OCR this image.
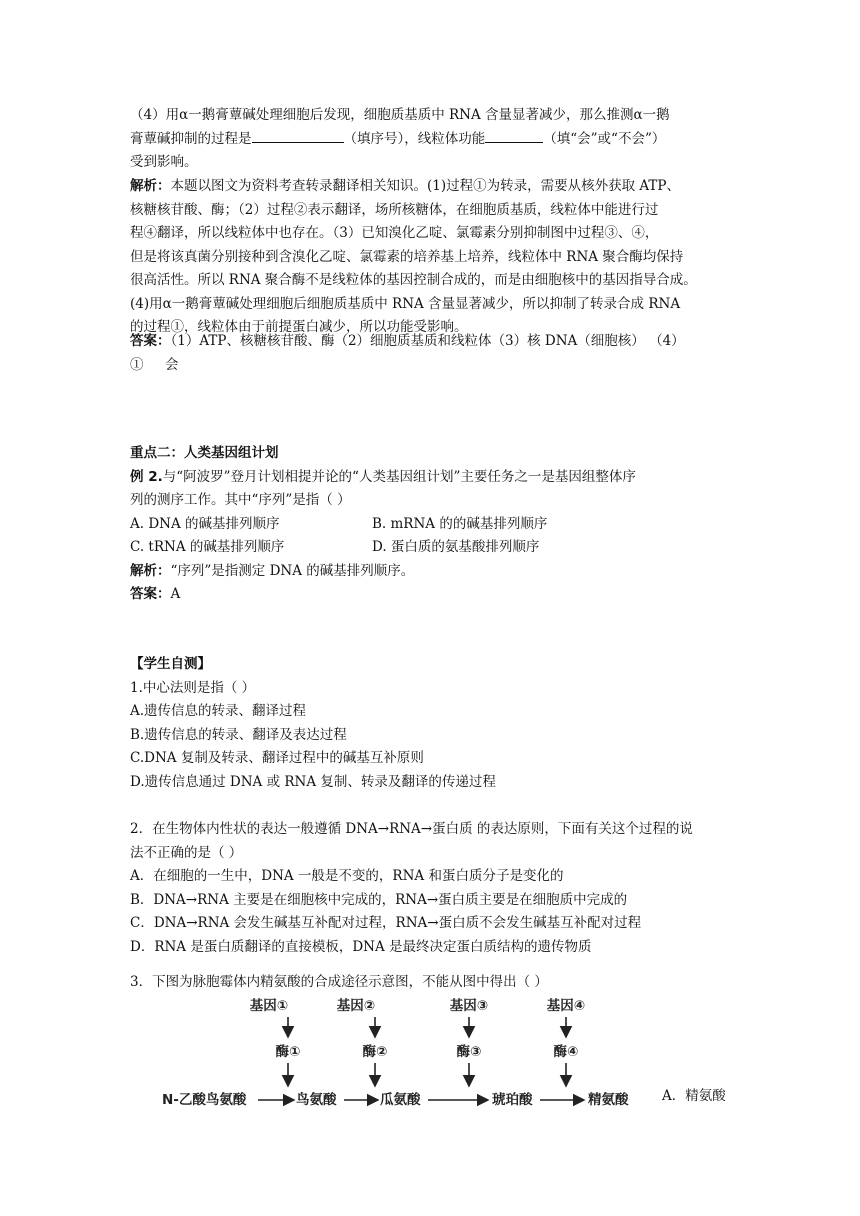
（4）用α一鹅膏蕈碱处理细胞后发现，细胞质基质中 RNA 含量显著减少，那么推测α一鹅
膏蕈碱抑制的过程是	（填序号），线粒体功能	（填“会”或“不会”）
受到影响。
解析：本题以图文为资料考查转录翻译相关知识。(1)过程①为转录，需要从核外获取 ATP、
核糖核苷酸、酶；（2）过程②表示翻译，场所核糖体，在细胞质基质，线粒体中能进行过
程④翻译，所以线粒体中也存在。（3）已知溴化乙啶、氯霉素分别抑制图中过程③、④，
但是将该真菌分别接种到含溴化乙啶、氯霉素的培养基上培养，线粒体中 RNA 聚合酶均保持
很高活性。所以 RNA 聚合酶不是线粒体的基因控制合成的，而是由细胞核中的基因指导合成。
(4)用α一鹅膏蕈碱处理细胞后细胞质基质中 RNA 含量显著减少，所以抑制了转录合成 RNA
的过程①，线粒体由于前提蛋白减少，所以功能受影响。
答案：（1）ATP、核糖核苷酸、酶（2）细胞质基质和线粒体（3）核 DNA（细胞核） （4）
①     会
重点二：人类基因组计划
例 2.与“阿波罗”登月计划相提并论的“人类基因组计划”主要任务之一是基因组整体序
列的测序工作。其中“序列”是指（ ）
A. DNA 的碱基排列顺序	B. mRNA 的的碱基排列顺序
C. tRNA 的碱基排列顺序	D. 蛋白质的氨基酸排列顺序
解析：“序列”是指测定 DNA 的碱基排列顺序。
答案：A
【学生自测】
1.中心法则是指（ ）
A.遗传信息的转录、翻译过程
B.遗传信息的转录、翻译及表达过程
C.DNA 复制及转录、翻译过程中的碱基互补原则
D.遗传信息通过 DNA 或 RNA 复制、转录及翻译的传递过程
2．在生物体内性状的表达一般遵循 DNA→RNA→蛋白质 的表达原则，下面有关这个过程的说
法不正确的是（ ）
A．在细胞的一生中，DNA 一般是不变的，RNA 和蛋白质分子是变化的
B．DNA→RNA 主要是在细胞核中完成的，RNA→蛋白质主要是在细胞质中完成的
C．DNA→RNA 会发生碱基互补配对过程，RNA→蛋白质不会发生碱基互补配对过程
D．RNA 是蛋白质翻译的直接模板，DNA 是最终决定蛋白质结构的遗传物质
3．下图为脉胞霉体内精氨酸的合成途径示意图，不能从图中得出（ ）
基因①	基因②	基因③	基因④
酶①	酶②	酶③	酶④
N-乙酸鸟氨酸	鸟氨酸	瓜氨酸	琥珀酸	精氨酸 A．精氨酸
